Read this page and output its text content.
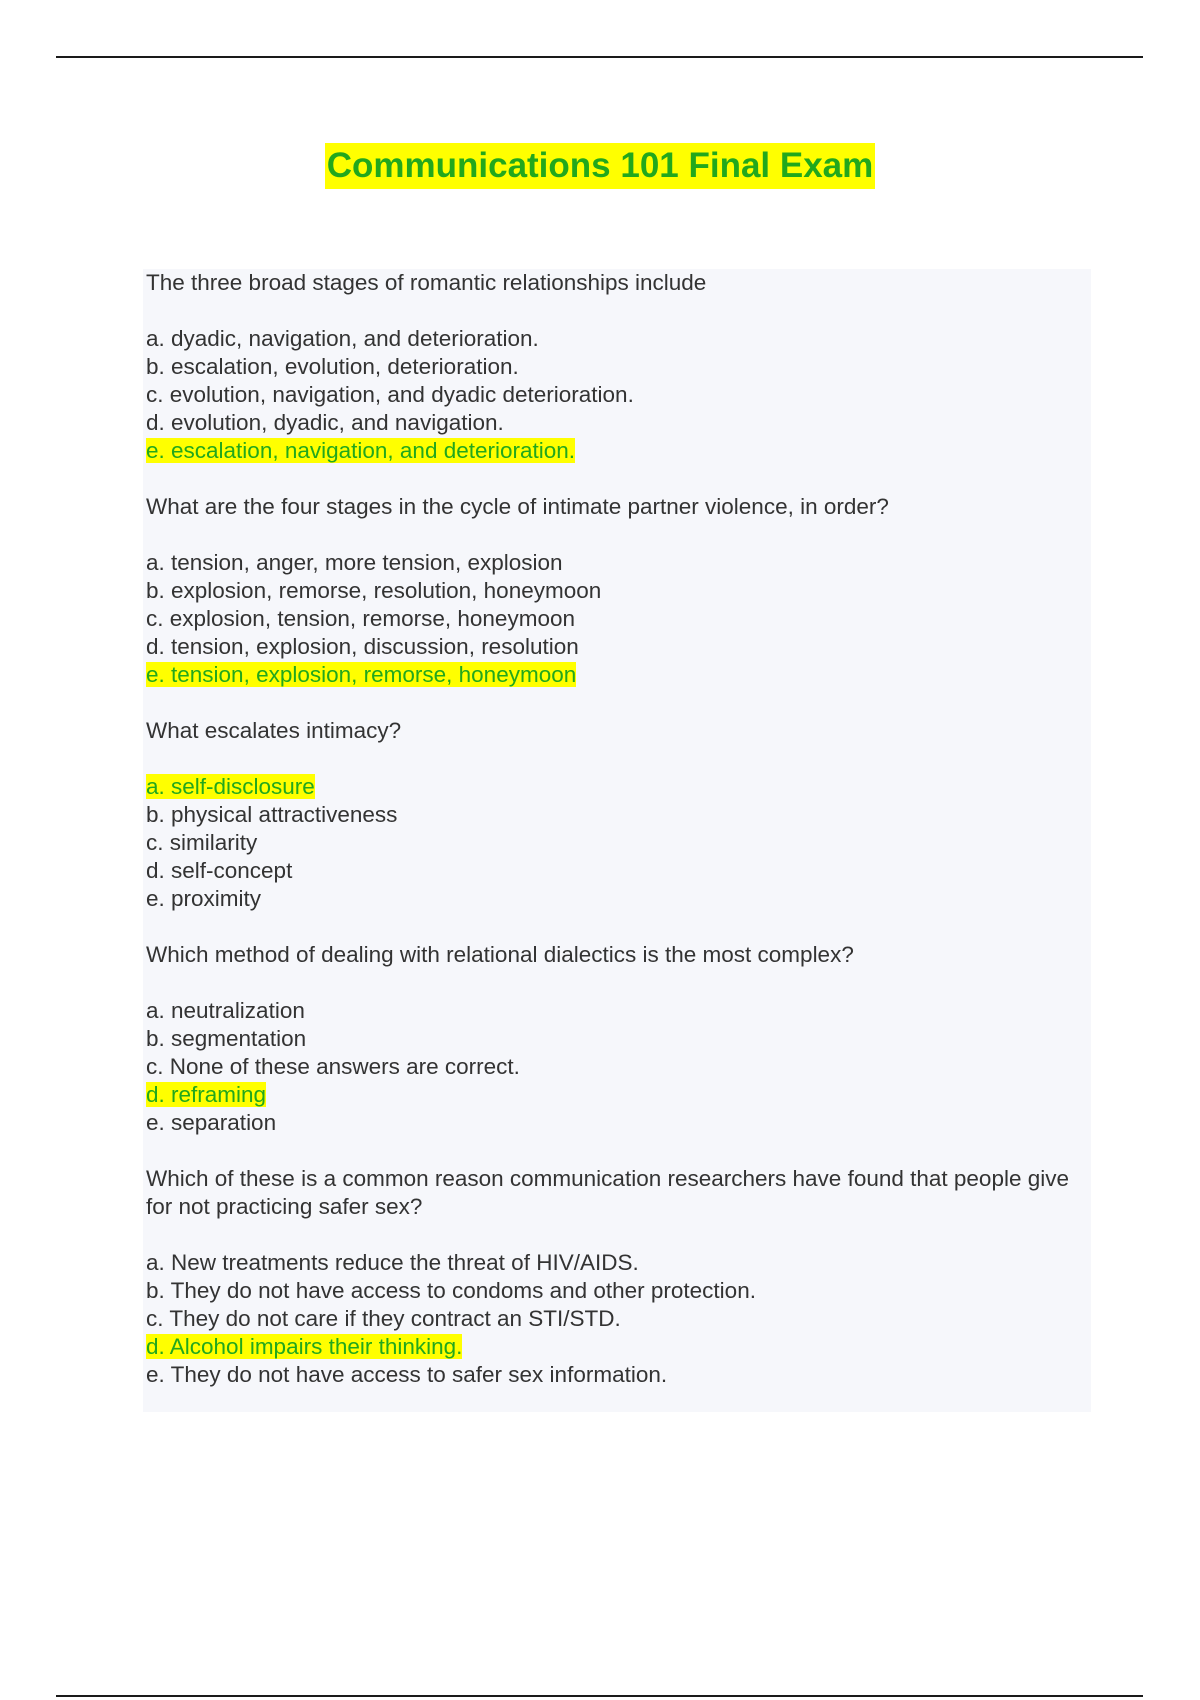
Communications 101 Final Exam
The three broad stages of romantic relationships include
a. dyadic, navigation, and deterioration.
b. escalation, evolution, deterioration.
c. evolution, navigation, and dyadic deterioration.
d. evolution, dyadic, and navigation.
e. escalation, navigation, and deterioration.
What are the four stages in the cycle of intimate partner violence, in order?
a. tension, anger, more tension, explosion
b. explosion, remorse, resolution, honeymoon
c. explosion, tension, remorse, honeymoon
d. tension, explosion, discussion, resolution
e. tension, explosion, remorse, honeymoon
What escalates intimacy?
a. self-disclosure
b. physical attractiveness
c. similarity
d. self-concept
e. proximity
Which method of dealing with relational dialectics is the most complex?
a. neutralization
b. segmentation
c. None of these answers are correct.
d. reframing
e. separation
Which of these is a common reason communication researchers have found that people give for not practicing safer sex?
a. New treatments reduce the threat of HIV/AIDS.
b. They do not have access to condoms and other protection.
c. They do not care if they contract an STI/STD.
d. Alcohol impairs their thinking.
e. They do not have access to safer sex information.
